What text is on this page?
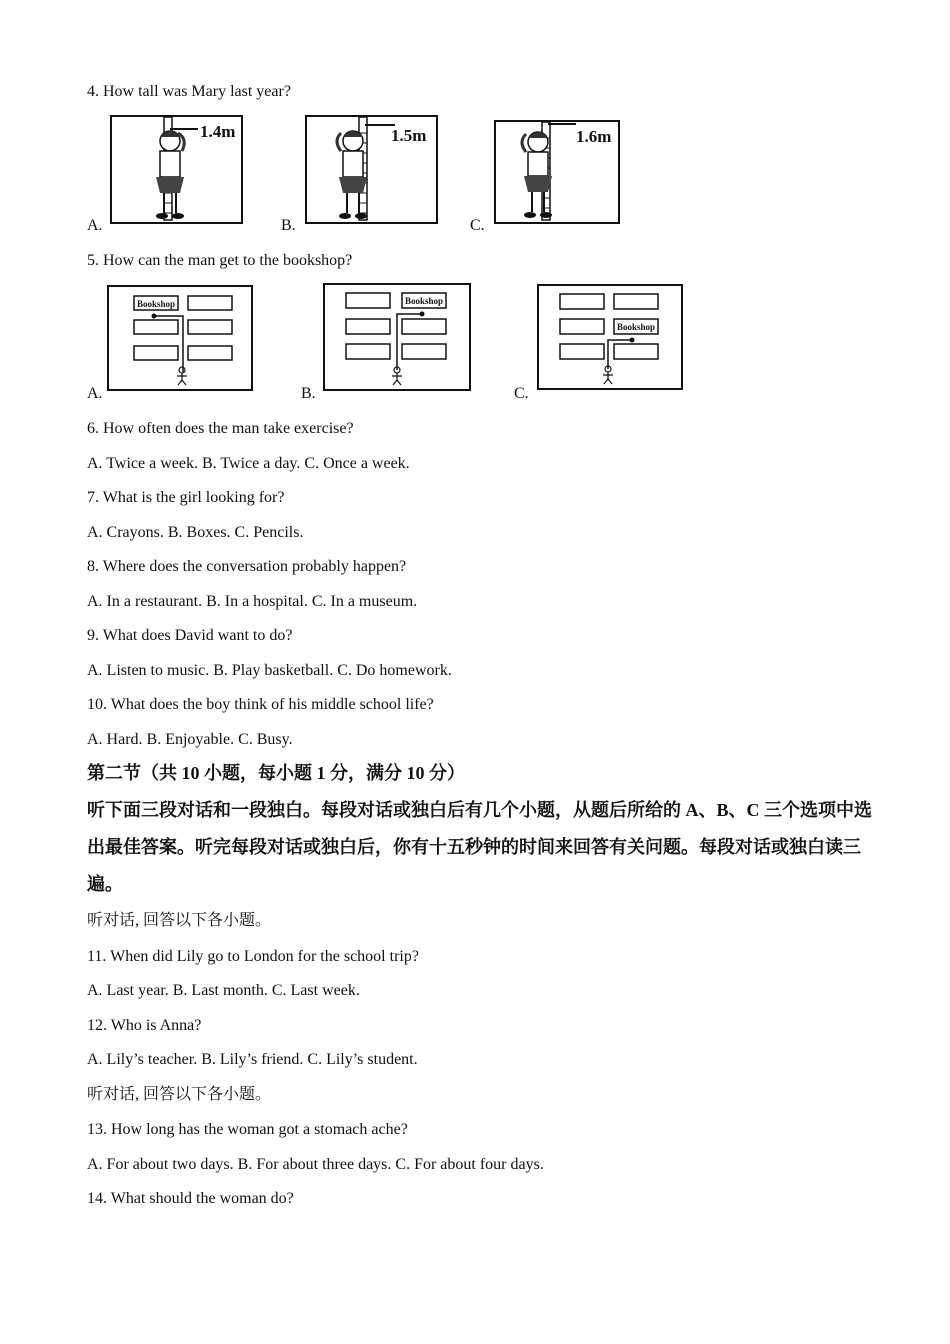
4. How tall was Mary last year?
A.
1.4m
B.
1.5m
C.
1.6m
5. How can the man get to the bookshop?
A.
Bookshop
B.
Bookshop
C.
Bookshop
6. How often does the man take exercise?
A. Twice a week. B. Twice a day. C. Once a week.
7. What is the girl looking for?
A. Crayons. B. Boxes. C. Pencils.
8. Where does the conversation probably happen?
A. In a restaurant. B. In a hospital. C. In a museum.
9. What does David want to do?
A. Listen to music. B. Play basketball. C. Do homework.
10. What does the boy think of his middle school life?
A. Hard. B. Enjoyable. C. Busy.
第二节（共 10 小题，每小题 1 分，满分 10 分）
听下面三段对话和一段独白。每段对话或独白后有几个小题，从题后所给的 A、B、C 三个选项中选出最佳答案。听完每段对话或独白后，你有十五秒钟的时间来回答有关问题。每段对话或独白读三遍。
听对话, 回答以下各小题。
11. When did Lily go to London for the school trip?
A. Last year. B. Last month. C. Last week.
12. Who is Anna?
A. Lily’s teacher. B. Lily’s friend. C. Lily’s student.
听对话, 回答以下各小题。
13. How long has the woman got a stomach ache?
A. For about two days. B. For about three days. C. For about four days.
14. What should the woman do?
